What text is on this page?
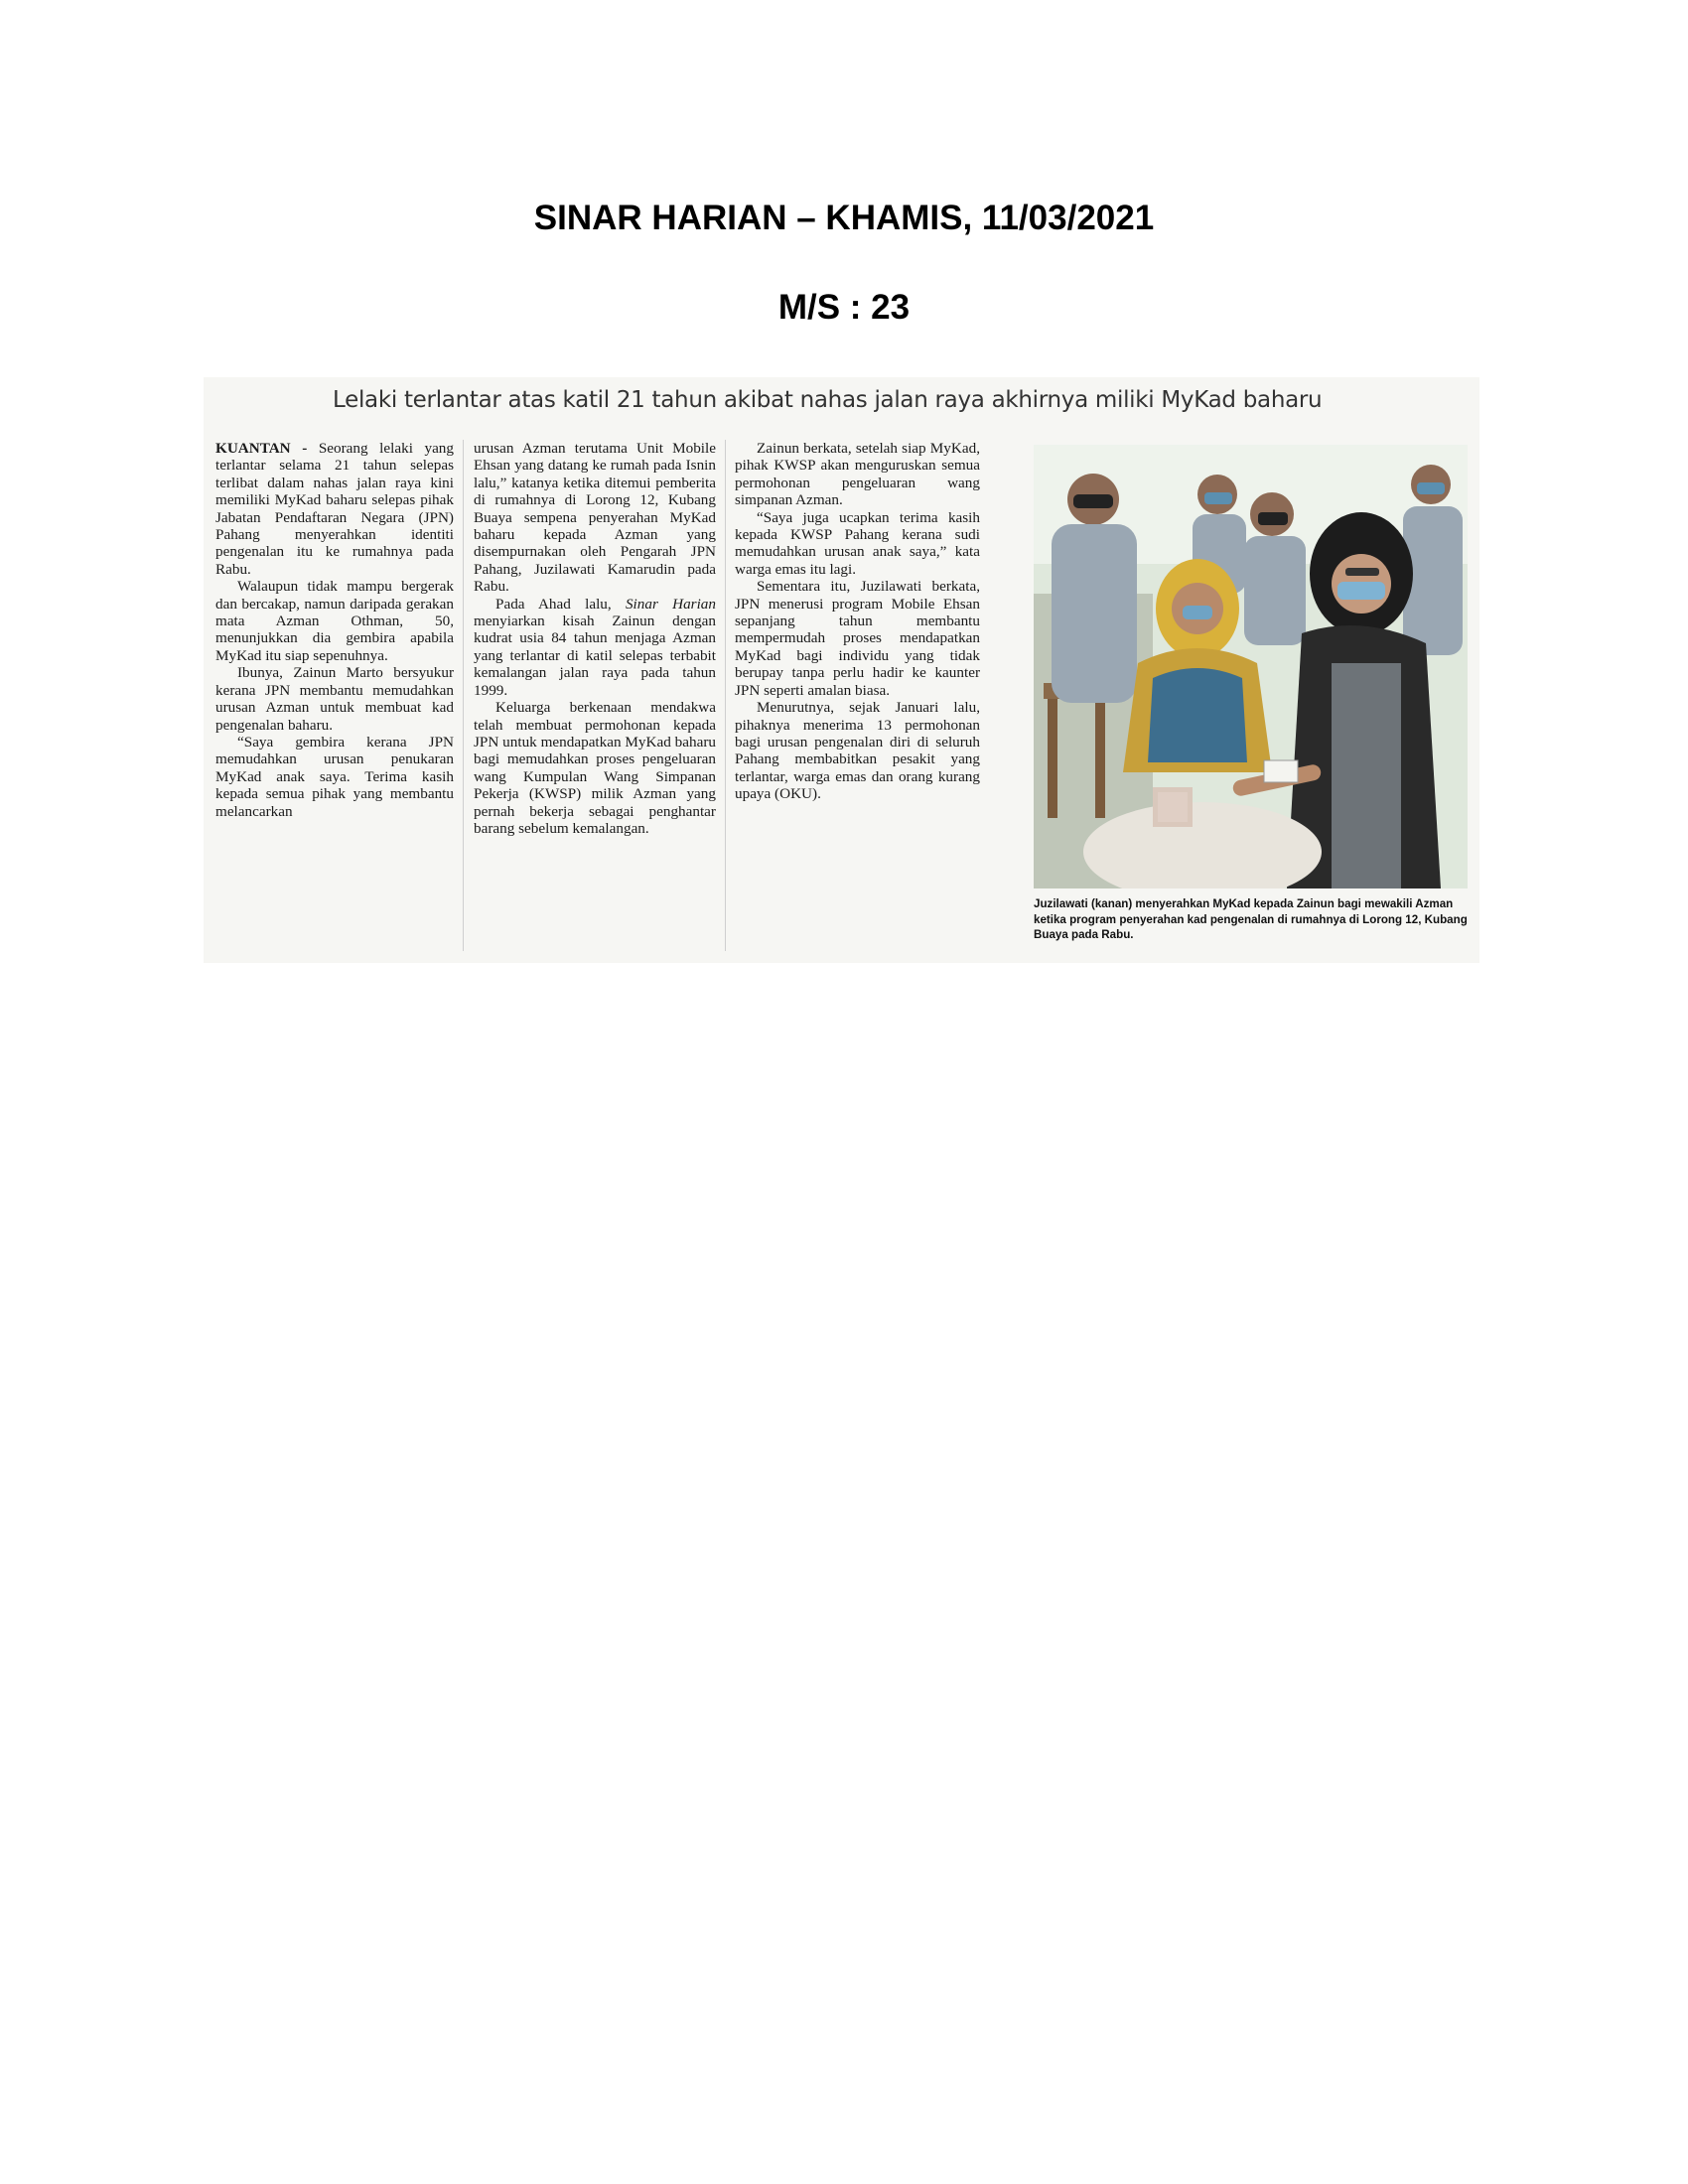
SINAR HARIAN – KHAMIS, 11/03/2021
M/S : 23
Lelaki terlantar atas katil 21 tahun akibat nahas jalan raya akhirnya miliki MyKad baharu

KUANTAN - Seorang lelaki yang terlantar selama 21 tahun selepas terlibat dalam nahas jalan raya kini memiliki MyKad baharu selepas pihak Jabatan Pendaftaran Negara (JPN) Pahang menyerahkan identiti pengenalan itu ke rumahnya pada Rabu.

Walaupun tidak mampu bergerak dan bercakap, namun daripada gerakan mata Azman Othman, 50, menunjukkan dia gembira apabila MyKad itu siap sepenuhnya.

Ibunya, Zainun Marto bersyukur kerana JPN membantu memudahkan urusan Azman untuk membuat kad pengenalan baharu.

“Saya gembira kerana JPN memudahkan urusan penukaran MyKad anak saya. Terima kasih kepada semua pihak yang membantu melancarkan

urusan Azman terutama Unit Mobile Ehsan yang datang ke rumah pada Isnin lalu,” katanya ketika ditemui pemberita di rumahnya di Lorong 12, Kubang Buaya sempena penyerahan MyKad baharu kepada Azman yang disempurnakan oleh Pengarah JPN Pahang, Juzilawati Kamarudin pada Rabu.

Pada Ahad lalu, Sinar Harian menyiarkan kisah Zainun dengan kudrat usia 84 tahun menjaga Azman yang terlantar di katil selepas terbabit kemalangan jalan raya pada tahun 1999.

Keluarga berkenaan mendakwa telah membuat permohonan kepada JPN untuk mendapatkan MyKad baharu bagi memudahkan proses pengeluaran wang Kumpulan Wang Simpanan Pekerja (KWSP) milik Azman yang pernah bekerja sebagai penghantar barang sebelum kemalangan.

Zainun berkata, setelah siap MyKad, pihak KWSP akan menguruskan semua permohonan pengeluaran wang simpanan Azman.

“Saya juga ucapkan terima kasih kepada KWSP Pahang kerana sudi memudahkan urusan anak saya,” kata warga emas itu lagi.

Sementara itu, Juzilawati berkata, JPN menerusi program Mobile Ehsan sepanjang tahun membantu mempermudah proses mendapatkan MyKad bagi individu yang tidak berupay tanpa perlu hadir ke kaunter JPN seperti amalan biasa.

Menurutnya, sejak Januari lalu, pihaknya menerima 13 permohonan bagi urusan pengenalan diri di seluruh Pahang membabitkan pesakit yang terlantar, warga emas dan orang kurang upaya (OKU).

Juzilawati (kanan) menyerahkan MyKad kepada Zainun bagi mewakili Azman ketika program penyerahan kad pengenalan di rumahnya di Lorong 12, Kubang Buaya pada Rabu.
